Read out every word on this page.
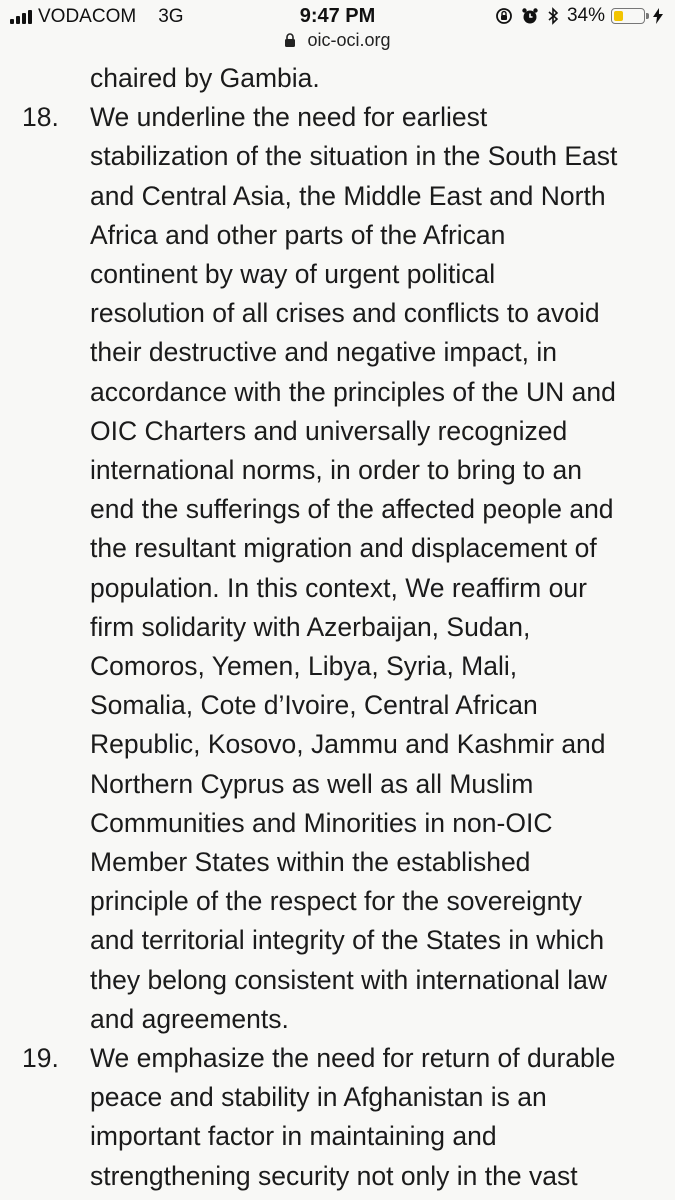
VODACOM 3G	9:47 PM	34%
oic-oci.org
chaired by Gambia.
18. We underline the need for earliest
stabilization of the situation in the South East
and Central Asia, the Middle East and North
Africa and other parts of the African
continent by way of urgent political
resolution of all crises and conflicts to avoid
their destructive and negative impact, in
accordance with the principles of the UN and
OIC Charters and universally recognized
international norms, in order to bring to an
end the sufferings of the affected people and
the resultant migration and displacement of
population. In this context, We reaffirm our
firm solidarity with Azerbaijan, Sudan,
Comoros, Yemen, Libya, Syria, Mali,
Somalia, Cote d’Ivoire, Central African
Republic, Kosovo, Jammu and Kashmir and
Northern Cyprus as well as all Muslim
Communities and Minorities in non-OIC
Member States within the established
principle of the respect for the sovereignty
and territorial integrity of the States in which
they belong consistent with international law
and agreements.
19. We emphasize the need for return of durable
peace and stability in Afghanistan is an
important factor in maintaining and
strengthening security not only in the vast
